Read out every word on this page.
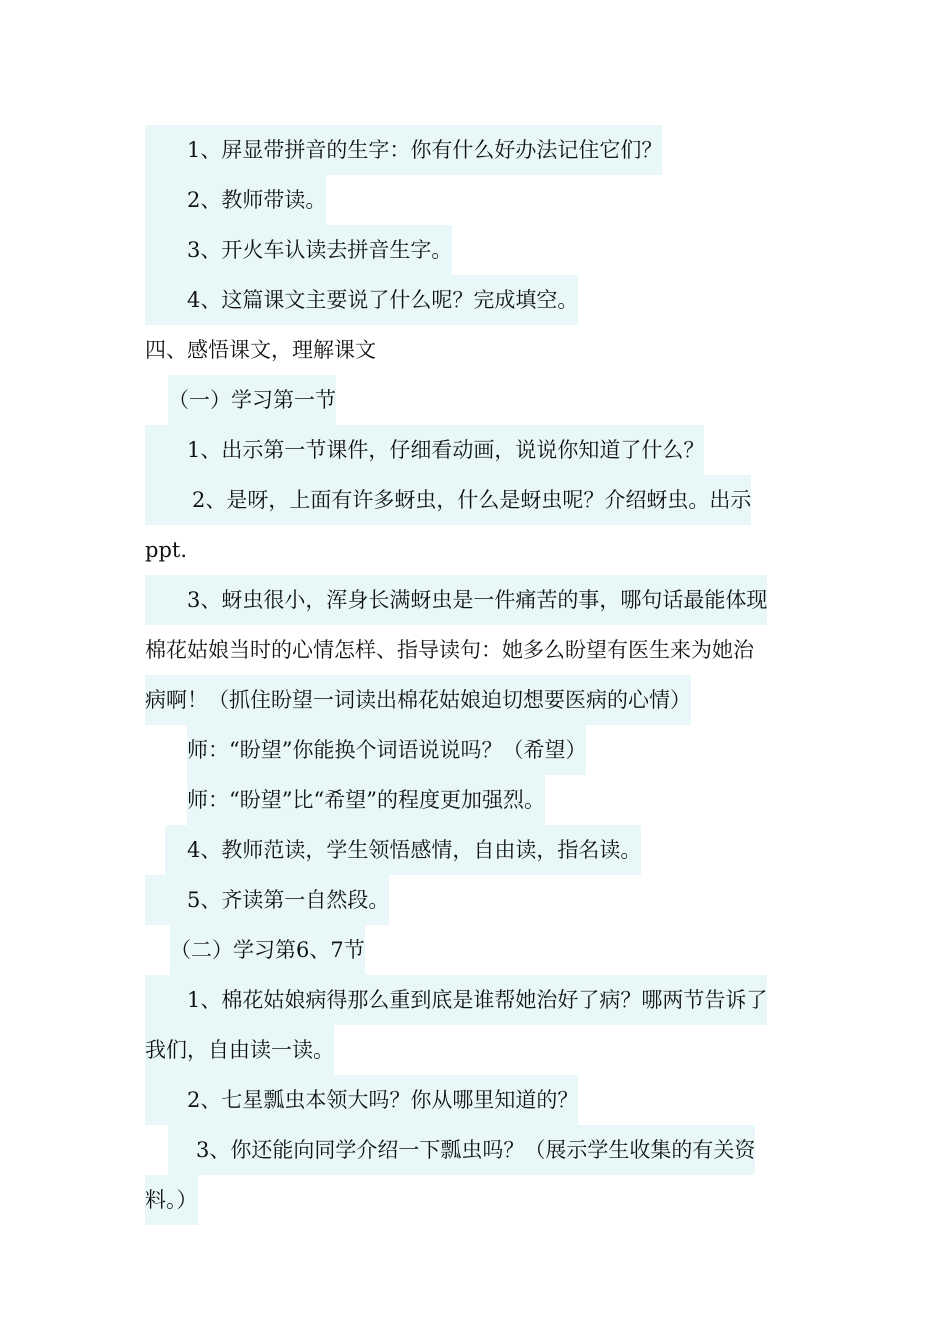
1、屏显带拼音的生字：你有什么好办法记住它们？
2、教师带读。
3、开火车认读去拼音生字。
4、这篇课文主要说了什么呢？完成填空。
四、感悟课文，理解课文
（一）学习第一节
1、出示第一节课件，仔细看动画，说说你知道了什么？
2、是呀，上面有许多蚜虫，什么是蚜虫呢？介绍蚜虫。出示
ppt.
3、蚜虫很小，浑身长满蚜虫是一件痛苦的事，哪句话最能体现
棉花姑娘当时的心情怎样、指导读句：她多么盼望有医生来为她治
病啊！（抓住盼望一词读出棉花姑娘迫切想要医病的心情）
师：“盼望”你能换个词语说说吗？（希望）
师：“盼望”比“希望”的程度更加强烈。
4、教师范读，学生领悟感情，自由读，指名读。
5、齐读第一自然段。
（二）学习第6、7节
1、棉花姑娘病得那么重到底是谁帮她治好了病？哪两节告诉了
我们，自由读一读。
2、七星瓢虫本领大吗？你从哪里知道的？
3、你还能向同学介绍一下瓢虫吗？（展示学生收集的有关资
料。）
